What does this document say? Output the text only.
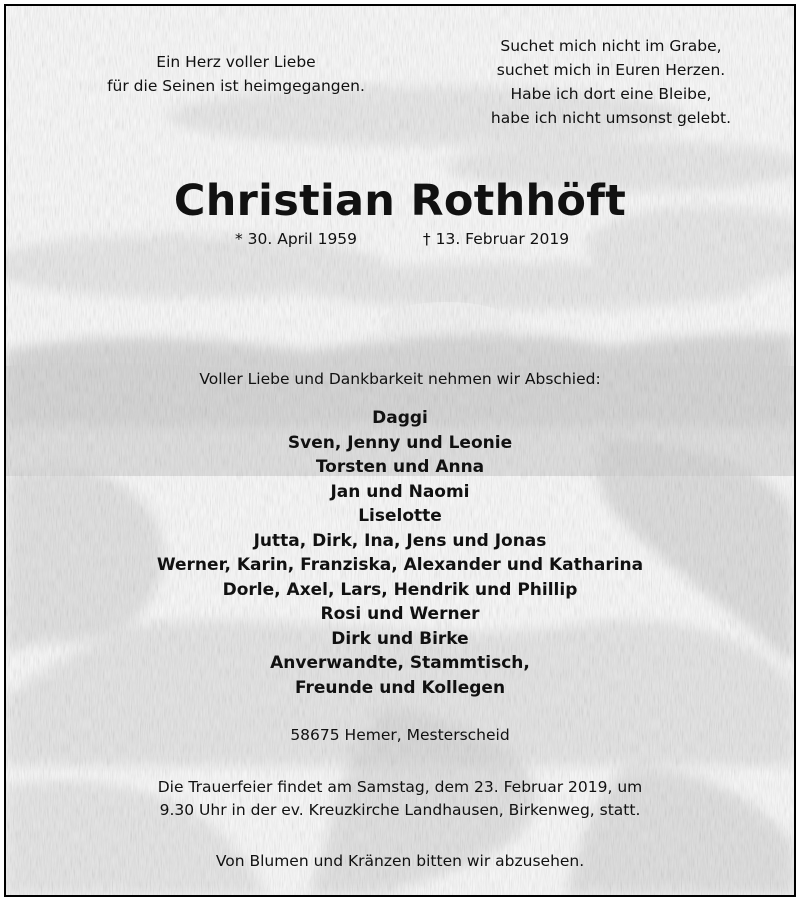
Ein Herz voller Liebe
für die Seinen ist heimgegangen.
Suchet mich nicht im Grabe,
suchet mich in Euren Herzen.
Habe ich dort eine Bleibe,
habe ich nicht umsonst gelebt.
Christian Rothhöft
* 30. April 1959	† 13. Februar 2019
Voller Liebe und Dankbarkeit nehmen wir Abschied:
Daggi
Sven, Jenny und Leonie
Torsten und Anna
Jan und Naomi
Liselotte
Jutta, Dirk, Ina, Jens und Jonas
Werner, Karin, Franziska, Alexander und Katharina
Dorle, Axel, Lars, Hendrik und Phillip
Rosi und Werner
Dirk und Birke
Anverwandte, Stammtisch,
Freunde und Kollegen
58675 Hemer, Mesterscheid
Die Trauerfeier findet am Samstag, dem 23. Februar 2019, um
9.30 Uhr in der ev. Kreuzkirche Landhausen, Birkenweg, statt.
Von Blumen und Kränzen bitten wir abzusehen.
